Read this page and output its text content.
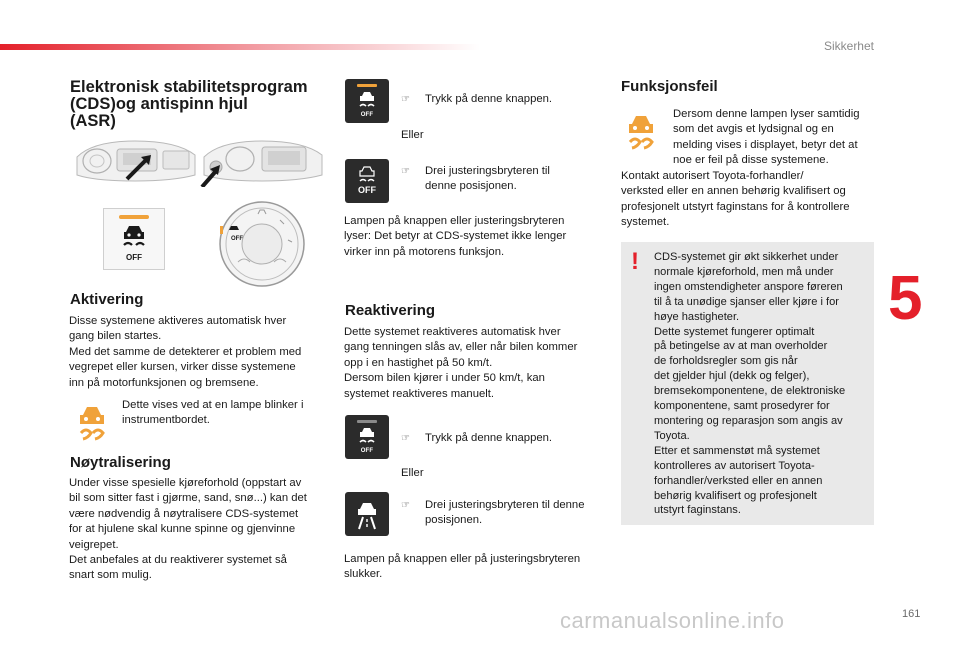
Sikkerhet
Elektronisk stabilitetsprogram
(CDS)og antispinn hjul
(ASR)
OFF
OFF
Aktivering
Disse systemene aktiveres automatisk hver
gang bilen startes.
Med det samme de detekterer et problem med
vegrepet eller kursen, virker disse systemene
inn på motorfunksjonen og bremsene.
Dette vises ved at en lampe blinker i
instrumentbordet.
Nøytralisering
Under visse spesielle kjøreforhold (oppstart av
bil som sitter fast i gjørme, sand, snø...) kan det
være nødvendig å nøytralisere CDS-systemet
for at hjulene skal kunne spinne og gjenvinne
veigrepet.
Det anbefales at du reaktiverer systemet så
snart som mulig.
OFF
☞	Trykk på denne knappen.
Eller
OFF
☞	Drei justeringsbryteren til
denne posisjonen.
Lampen på knappen eller justeringsbryteren
lyser: Det betyr at CDS-systemet ikke lenger
virker inn på motorens funksjon.
Reaktivering
Dette systemet reaktiveres automatisk hver
gang tenningen slås av, eller når bilen kommer
opp i en hastighet på 50 km/t.
Dersom bilen kjører i under 50 km/t, kan
systemet reaktiveres manuelt.
OFF
☞	Trykk på denne knappen.
Eller
☞	Drei justeringsbryteren til denne
posisjonen.
Lampen på knappen eller på justeringsbryteren
slukker.
Funksjonsfeil
Dersom denne lampen lyser samtidig
som det avgis et lydsignal og en
melding vises i displayet, betyr det at
noe er feil på disse systemene.
Kontakt autorisert Toyota-forhandler/
verksted eller en annen behørig kvalifisert og
profesjonelt utstyrt faginstans for å kontrollere
systemet.
! CDS-systemet gir økt sikkerhet under
normale kjøreforhold, men må under
ingen omstendigheter anspore føreren
til å ta unødige sjanser eller kjøre i for
høye hastigheter.
Dette systemet fungerer optimalt
på betingelse av at man overholder
de forholdsregler som gis når
det gjelder hjul (dekk og felger),
bremsekomponentene, de elektroniske
komponentene, samt prosedyrer for
montering og reparasjon som angis av
Toyota.
Etter et sammenstøt må systemet
kontrolleres av autorisert Toyota-
forhandler/verksted eller en annen
behørig kvalifisert og profesjonelt
utstyrt faginstans.
5
161
carmanualsonline.info
